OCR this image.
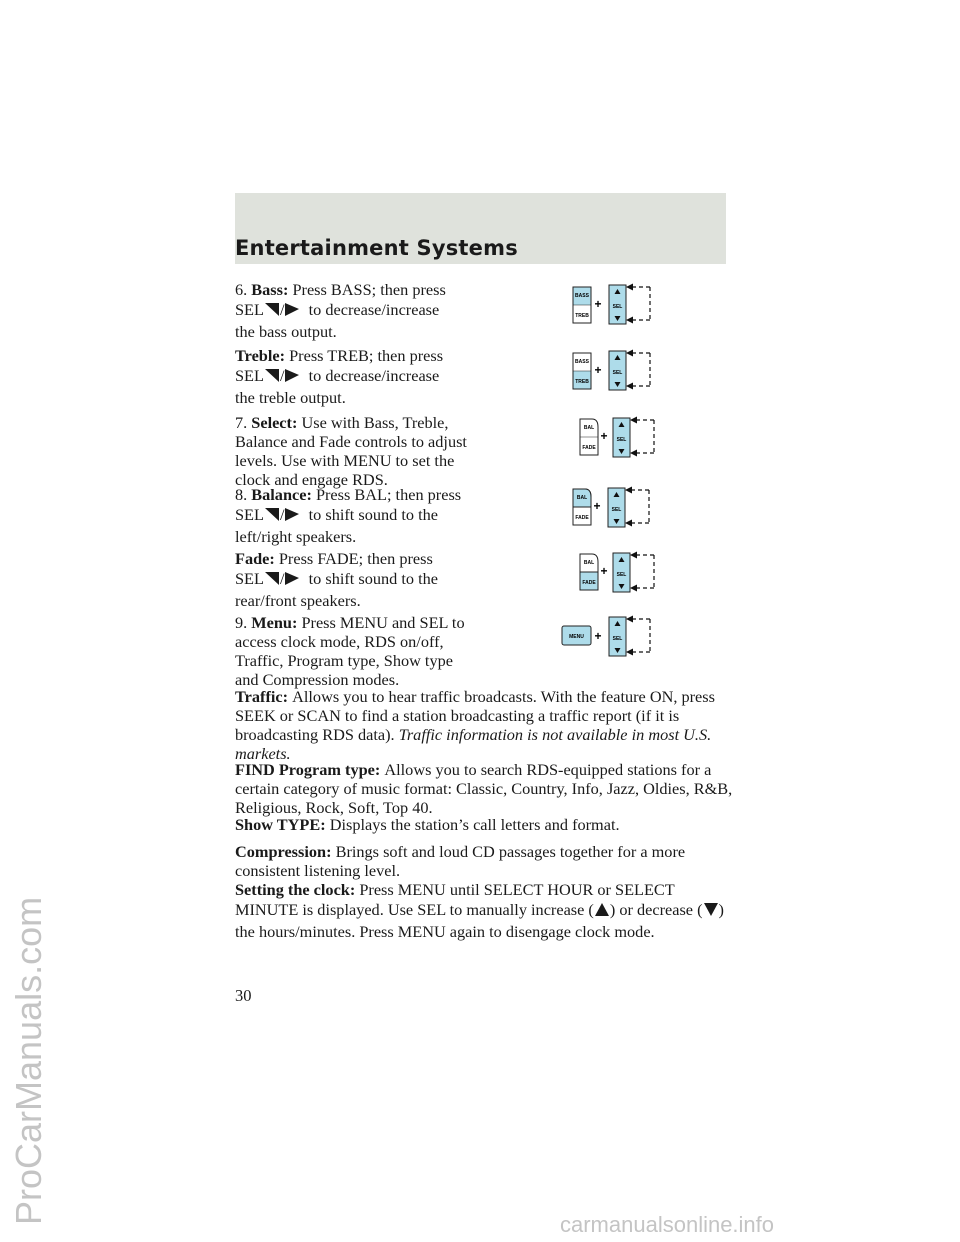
Entertainment Systems
6. Bass: Press BASS; then press
SEL / to decrease/increase
the bass output.
Treble: Press TREB; then press
SEL / to decrease/increase
the treble output.
7. Select: Use with Bass, Treble, Balance and Fade controls to adjust levels. Use with MENU to set the clock and engage RDS.
8. Balance: Press BAL; then press
SEL / to shift sound to the
left/right speakers.
Fade: Press FADE; then press
SEL / to shift sound to the
rear/front speakers.
9. Menu: Press MENU and SEL to access clock mode, RDS on/off, Traffic, Program type, Show type and Compression modes.
Traffic: Allows you to hear traffic broadcasts. With the feature ON, press SEEK or SCAN to find a station broadcasting a traffic report (if it is broadcasting RDS data). Traffic information is not available in most U.S. markets.
FIND Program type: Allows you to search RDS-equipped stations for a certain category of music format: Classic, Country, Info, Jazz, Oldies, R&B, Religious, Rock, Soft, Top 40.
Show TYPE: Displays the station’s call letters and format.
Compression: Brings soft and loud CD passages together for a more consistent listening level.
Setting the clock: Press MENU until SELECT HOUR or SELECT MINUTE is displayed. Use SEL to manually increase ( ) or decrease ( ) the hours/minutes. Press MENU again to disengage clock mode.
BASS
TREB
+ SEL
BASS
TREB
+ SEL
BAL
FADE
+ SEL
BAL
FADE
+ SEL
BAL
FADE
+ SEL
MENU + SEL
30
ProCarManuals.com	carmanualsonline.info
